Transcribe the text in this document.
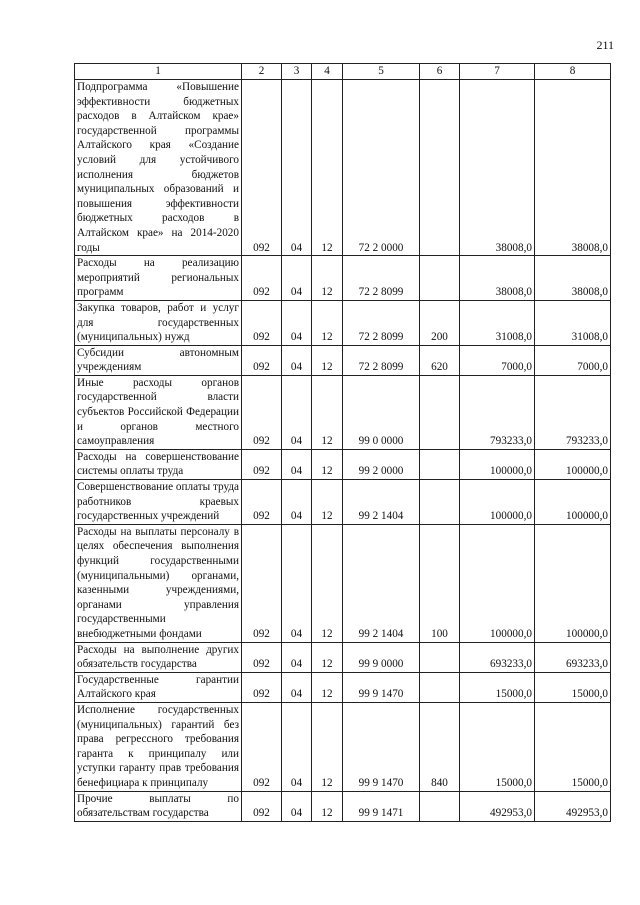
211
1	2	3	4	5	6	7	8
Подпрограмма «Повышение эффективности бюджетных расходов в Алтайском крае» государственной программы Алтайского края «Создание условий для устойчивого исполнения бюджетов муниципальных образований и повышения эффективности бюджетных расходов в Алтайском крае» на 2014-2020 годы	092	04	12	72 2 0000		38008,0	38008,0
Расходы на реализацию мероприятий региональных программ	092	04	12	72 2 8099		38008,0	38008,0
Закупка товаров, работ и услуг для государственных (муниципальных) нужд	092	04	12	72 2 8099	200	31008,0	31008,0
Субсидии автономным учреждениям	092	04	12	72 2 8099	620	7000,0	7000,0
Иные расходы органов государственной власти субъектов Российской Федерации и органов местного самоуправления	092	04	12	99 0 0000		793233,0	793233,0
Расходы на совершенствование системы оплаты труда	092	04	12	99 2 0000		100000,0	100000,0
Совершенствование оплаты труда работников краевых государственных учреждений	092	04	12	99 2 1404		100000,0	100000,0
Расходы на выплаты персоналу в целях обеспечения выполнения функций государственными (муниципальными) органами, казенными учреждениями, органами управления государственными внебюджетными фондами	092	04	12	99 2 1404	100	100000,0	100000,0
Расходы на выполнение других обязательств государства	092	04	12	99 9 0000		693233,0	693233,0
Государственные гарантии Алтайского края	092	04	12	99 9 1470		15000,0	15000,0
Исполнение государственных (муниципальных) гарантий без права регрессного требования гаранта к принципалу или уступки гаранту прав требования бенефициара к принципалу	092	04	12	99 9 1470	840	15000,0	15000,0
Прочие выплаты по обязательствам государства	092	04	12	99 9 1471		492953,0	492953,0
